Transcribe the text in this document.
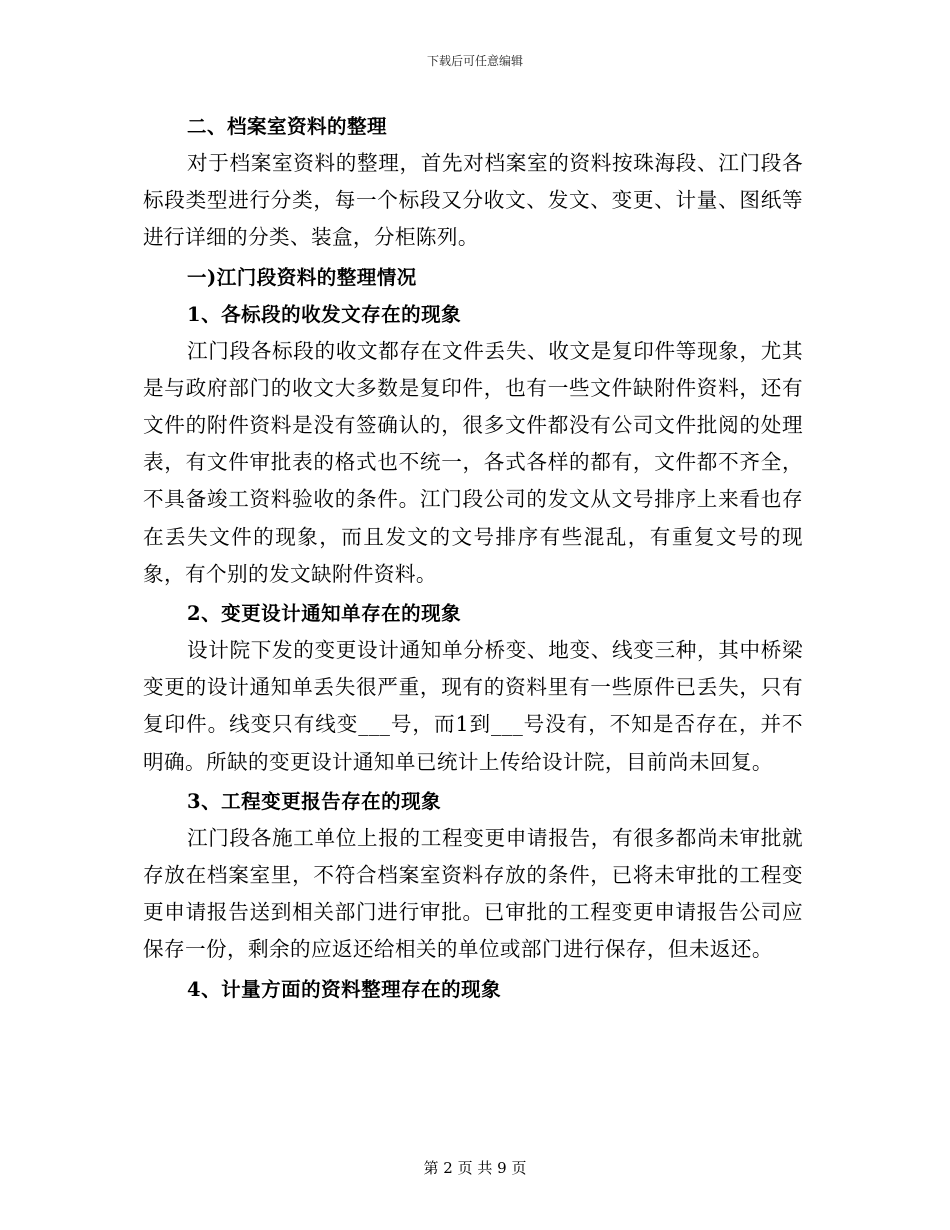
下载后可任意编辑

二、档案室资料的整理

对于档案室资料的整理，首先对档案室的资料按珠海段、江门段各标段类型进行分类，每一个标段又分收文、发文、变更、计量、图纸等进行详细的分类、装盒，分柜陈列。

一)江门段资料的整理情况

1、各标段的收发文存在的现象

江门段各标段的收文都存在文件丢失、收文是复印件等现象，尤其是与政府部门的收文大多数是复印件，也有一些文件缺附件资料，还有文件的附件资料是没有签确认的，很多文件都没有公司文件批阅的处理表，有文件审批表的格式也不统一，各式各样的都有，文件都不齐全，不具备竣工资料验收的条件。江门段公司的发文从文号排序上来看也存在丢失文件的现象，而且发文的文号排序有些混乱，有重复文号的现象，有个别的发文缺附件资料。

2、变更设计通知单存在的现象

设计院下发的变更设计通知单分桥变、地变、线变三种，其中桥梁变更的设计通知单丢失很严重，现有的资料里有一些原件已丢失，只有复印件。线变只有线变___号，而1到___号没有，不知是否存在，并不明确。所缺的变更设计通知单已统计上传给设计院，目前尚未回复。

3、工程变更报告存在的现象

江门段各施工单位上报的工程变更申请报告，有很多都尚未审批就存放在档案室里，不符合档案室资料存放的条件，已将未审批的工程变更申请报告送到相关部门进行审批。已审批的工程变更申请报告公司应保存一份，剩余的应返还给相关的单位或部门进行保存，但未返还。

4、计量方面的资料整理存在的现象

第 2 页 共 9 页
